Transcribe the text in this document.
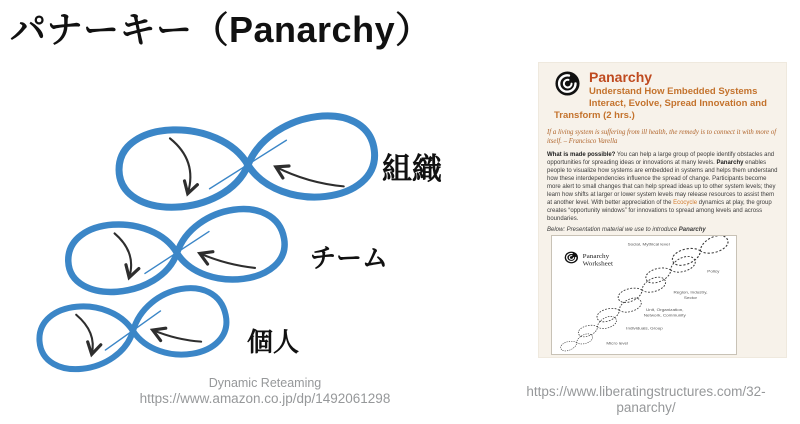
パナーキー（Panarchy）
組織
チーム
個人
Dynamic Reteaming
https://www.amazon.co.jp/dp/1492061298
Panarchy
Understand How Embedded Systems Interact, Evolve, Spread Innovation and Transform (2 hrs.)

If a living system is suffering from ill health, the remedy is to connect it with more of itself. – Francisco Varella

What is made possible? You can help a large group of people identify obstacles and opportunities for spreading ideas or innovations at many levels. Panarchy enables people to visualize how systems are embedded in systems and helps them understand how these interdependencies influence the spread of change. Participants become more alert to small changes that can help spread ideas up to other system levels; they learn how shifts at larger or lower system levels may release resources to assist them at another level. With better appreciation of the Ecocycle dynamics at play, the group creates “opportunity windows” for innovations to spread among levels and across boundaries.

Below: Presentation material we use to introduce Panarchy

Panarchy
Worksheet
Social, Mythical level
Policy
Region, Industry,
Sector
Unit, Organization,
Network, Community
Individuals, Group
Micro level
https://www.liberatingstructures.com/32-panarchy/
